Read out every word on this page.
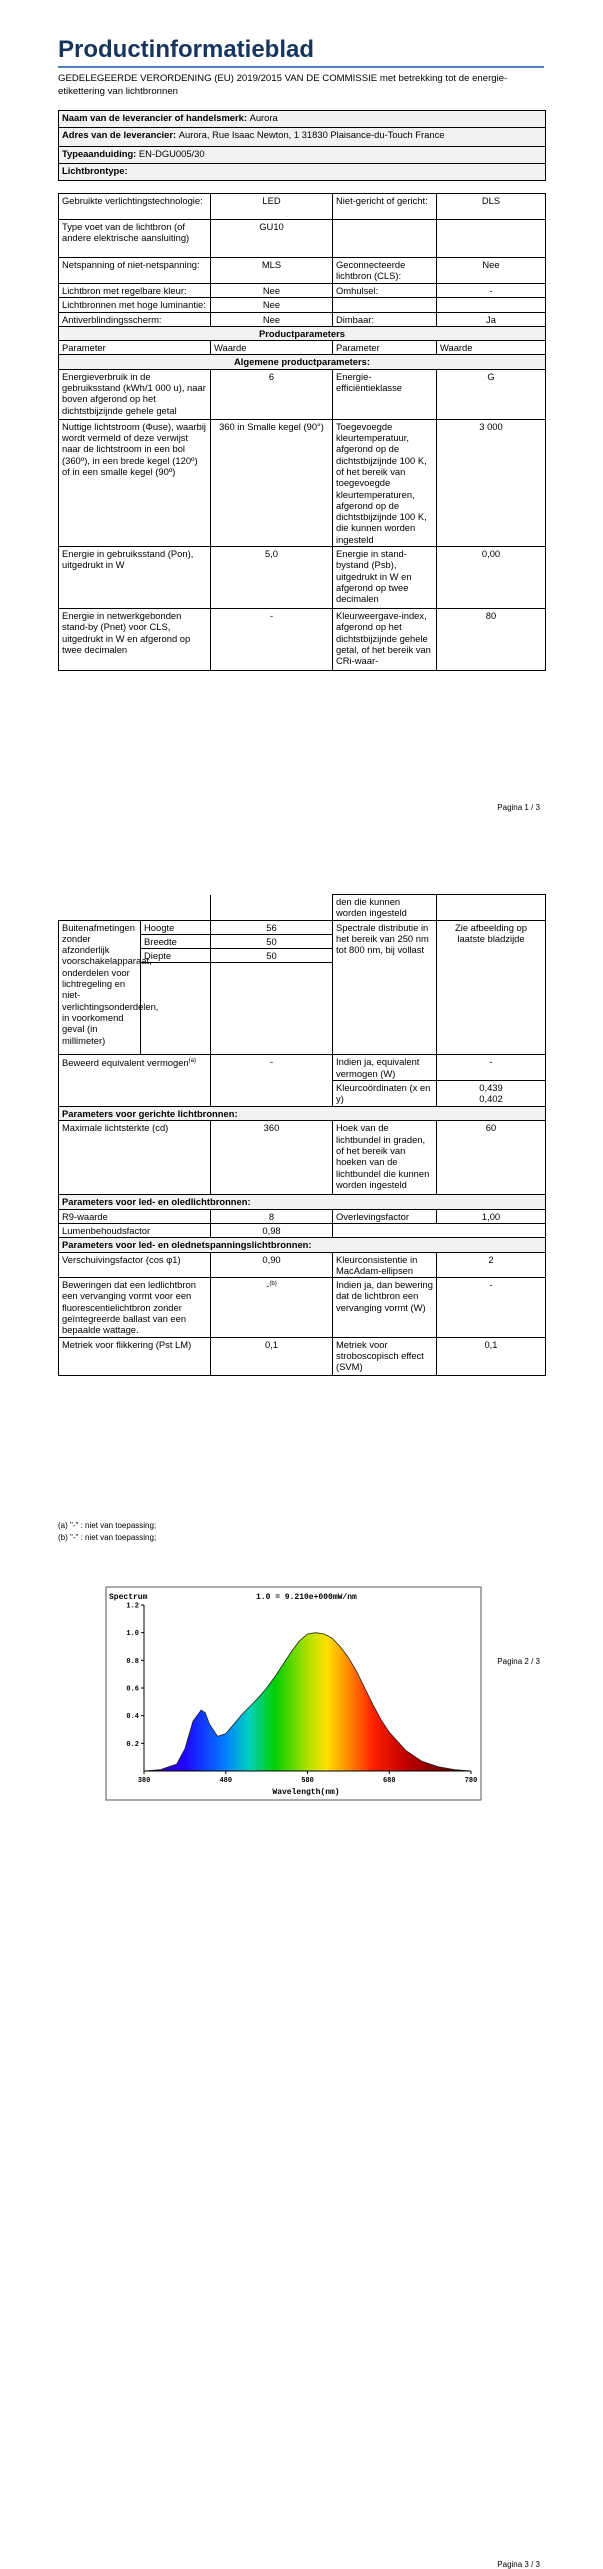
Productinformatieblad
GEDELEGEERDE VERORDENING (EU) 2019/2015 VAN DE COMMISSIE met betrekking tot de energie-etikettering van lichtbronnen
Naam van de leverancier of handelsmerk: Aurora
Adres van de leverancier: Aurora, Rue Isaac Newton, 1 31830 Plaisance-du-Touch France
Typeaanduiding: EN-DGU005/30
Lichtbrontype:
Gebruikte verlichtingstechnologie:	LED	Niet-gericht of gericht:	DLS
Type voet van de lichtbron (of andere elektrische aansluiting)	GU10		
Netspanning of niet-netspanning:	MLS	Geconnecteerde lichtbron (CLS):	Nee
Lichtbron met regelbare kleur:	Nee	Omhulsel:	-
Lichtbronnen met hoge luminantie:	Nee		
Antiverblindingsscherm:	Nee	Dimbaar:	Ja
Productparameters			
Parameter	Waarde	Parameter	Waarde
Algemene productparameters:			
Energieverbruik in de gebruiksstand (kWh/1 000 u), naar boven afgerond op het dichtstbijzijnde gehele getal	6	Energie-efficiëntieklasse	G
Nuttige lichtstroom (Φuse), waarbij wordt vermeld of deze verwijst naar de lichtstroom in een bol (360º), in een brede kegel (120º) of in een smalle kegel (90º)	360 in Smalle kegel (90°)	Toegevoegde kleurtemperatuur, afgerond op de dichtstbijzijnde 100 K, of het bereik van toegevoegde kleurtemperaturen, afgerond op de dichtstbijzijnde 100 K, die kunnen worden ingesteld	3 000
Energie in gebruiksstand (Pon), uitgedrukt in W	5,0	Energie in stand-bystand (Psb), uitgedrukt in W en afgerond op twee decimalen	0,00
Energie in netwerkgebonden stand-by (Pnet) voor CLS, uitgedrukt in W en afgerond op twee decimalen	-	Kleurweergave-index, afgerond op het dichtstbijzijnde gehele getal, of het bereik van CRi-waar-	80
Pagina 1 / 3
			den die kunnen worden ingesteld	
Buitenafmetingen zonder afzonderlijk voorschakelapparaat, onderdelen voor lichtregeling en niet-verlichtingsonderdelen, in voorkomend geval (in millimeter)	Hoogte	56	Spectrale distributie in het bereik van 250 nm tot 800 nm, bij vollast	Zie afbeelding op laatste bladzijde
	Breedte	50		
	Diepte	50		

Beweerd equivalent vermogen$^{(a)}$		-	Indien ja, equivalent vermogen (W)	-
			Kleurcoördinaten (x en y)	0,439
0,402

Parameters voor gerichte lichtbronnen:				
Maximale lichtsterkte (cd)		360	Hoek van de lichtbundel in graden, of het bereik van hoeken van de lichtbundel die kunnen worden ingesteld	60
Parameters voor led- en oledlichtbronnen:				
R9-waarde		8	Overlevingsfactor	1,00
Lumenbehoudsfactor		0,98		
Parameters voor led- en olednetspanningslichtbronnen:				
Verschuivingsfactor (cos φ1)		0,90	Kleurconsistentie in MacAdam-ellipsen	2
Beweringen dat een ledlichtbron een vervanging vormt voor een fluorescentielichtbron zonder geïntegreerde ballast van een bepaalde wattage.		-$^{(b)}$	Indien ja, dan bewering dat de lichtbron een vervanging vormt (W)	-
Metriek voor flikkering (Pst LM)		0,1	Metriek voor stroboscopisch effect (SVM)	0,1
(a) "-" : niet van toepassing;
(b) "-" : niet van toepassing;
Pagina 2 / 3
Pagina 3 / 3
380	480	580	680	780
0.2
0.4
0.6
0.8
1.0
1.2
Spectrum	1.0 = 9.210e+000mW/nm
Wavelength(nm)
